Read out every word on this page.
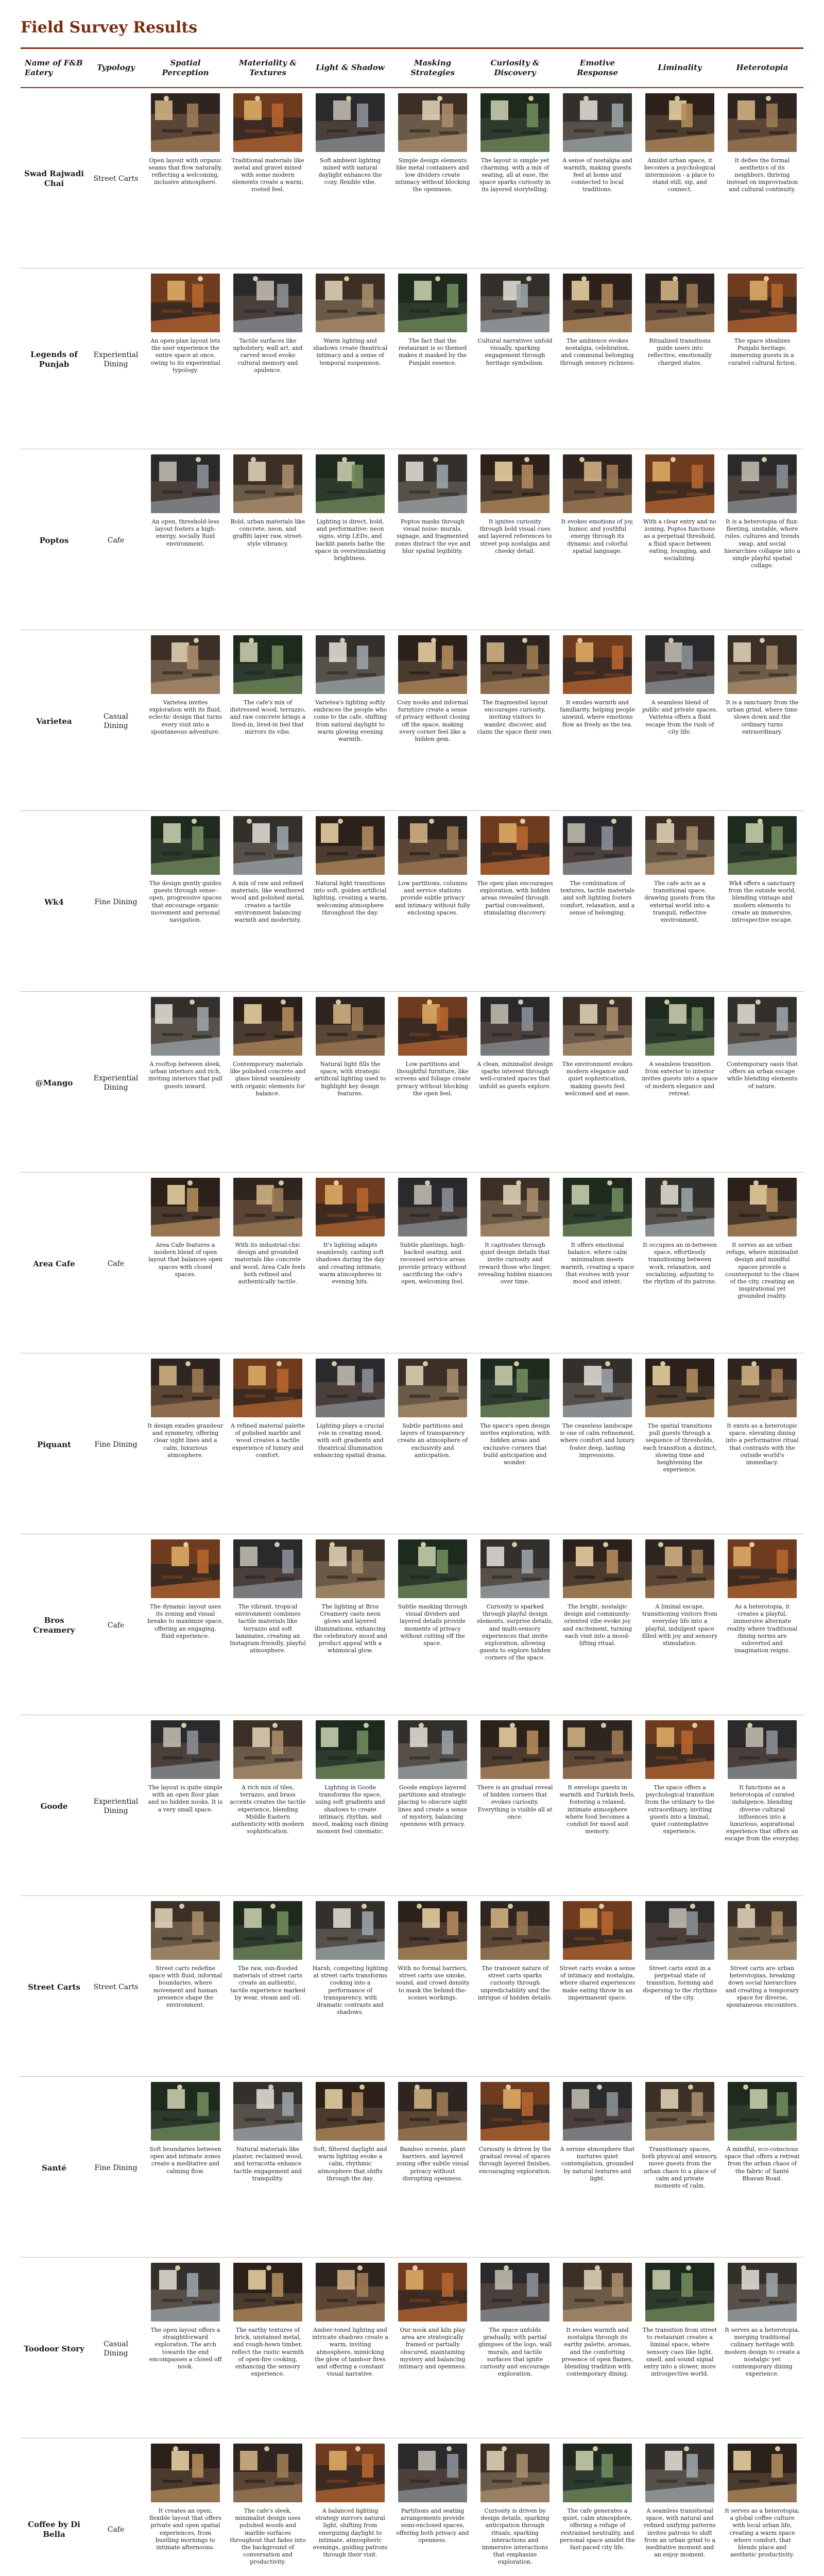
Field Survey Results
Name of F&B Eatery	Typology	Spatial Perception	Materiality & Textures	Light & Shadow	Masking Strategies	Curiosity & Discovery	Emotive Response	Liminality	Heterotopia
Swad Rajwadi Chai	Street Carts	Open layout with organic seams that flow naturally, reflecting a welcoming, inclusive atmosphere.	Traditional materials like metal and gravel mixed with some modern elements create a warm, rooted feel.	Soft ambient lighting mixed with natural daylight enhances the cozy, flexible vibe.	Simple design elements like metal containers and low dividers create intimacy without blocking the openness.	The layout is simple yet charming, with a mix of seating, all at ease, the space sparks curiosity in its layered storytelling.	A sense of nostalgia and warmth, making guests feel at home and connected to local traditions.	Amidst urban space, it becomes a psychological intermission - a place to stand still, sip, and connect.	It defies the formal aesthetics of its neighbors, thriving instead on improvisation and cultural continuity.

Legends of Punjab	Experiential Dining	An open-plan layout lets the user experience the entire space at once, owing to its experiential typology.	Tactile surfaces like upholstery, wall art, and carved wood evoke cultural memory and opulence.	Warm lighting and shadows create theatrical intimacy and a sense of temporal suspension.	The fact that the restaurant is so themed makes it masked by the Punjabi essence.	Cultural narratives unfold visually, sparking engagement through heritage symbolism.	The ambience evokes nostalgia, celebration, and communal belonging through sensory richness.	Ritualized transitions guide users into reflective, emotionally charged states.	The space idealizes Punjabi heritage, immersing guests in a curated cultural fiction.

Poptos	Cafe	An open, threshold-less layout fosters a high-energy, socially fluid environment.	Bold, urban materials like concrete, neon, and graffiti layer raw, street-style vibrancy.	Lighting is direct, bold, and performative: neon signs, strip LEDs, and backlit panels bathe the space in overstimulating brightness.	Poptos masks through visual noise: murals, signage, and fragmented zones distract the eye and blur spatial legibility.	It ignites curiosity through bold visual cues and layered references to street pop nostalgia and cheeky detail.	It evokes emotions of joy, humor, and youthful energy through its dynamic and colorful spatial language.	With a clear entry and no zoning, Poptos functions as a perpetual threshold, a fluid space between eating, lounging, and socializing.	It is a heterotopia of flux: fleeting, unstable, where rules, cultures and trends swap, and social hierarchies collapse into a single playful spatial collage.

Varietea	Casual Dining	Varietea invites exploration with its fluid, eclectic design that turns every visit into a spontaneous adventure.	The cafe's mix of distressed wood, terrazzo, and raw concrete brings a lived-in, lived-in feel that mirrors its vibe.	Varietea's lighting softly embraces the people who come to the cafe, shifting from natural daylight to warm glowing evening warmth.	Cozy nooks and informal furniture create a sense of privacy without closing off the space, making every corner feel like a hidden gem.	The fragmented layout encourages curiosity, inviting visitors to wander, discover, and claim the space their own.	It exudes warmth and familiarity, helping people unwind, where emotions flow as freely as the tea.	A seamless blend of public and private spaces, Varietea offers a fluid escape from the rush of city life.	It is a sanctuary from the urban grind, where time slows down and the ordinary turns extraordinary.

Wk4	Fine Dining	The design gently guides guests through sense-open, progressive spaces that encourage organic movement and personal navigation.	A mix of raw and refined materials, like weathered wood and polished metal, creates a tactile environment balancing warmth and modernity.	Natural light transitions into soft, golden artificial lighting, creating a warm, welcoming atmosphere throughout the day.	Low partitions, columns and service stations provide subtle privacy and intimacy without fully enclosing spaces.	The open plan encourages exploration, with hidden areas revealed through partial concealment, stimulating discovery.	The combination of textures, tactile materials and soft lighting fosters comfort, relaxation, and a sense of belonging.	The cafe acts as a transitional space, drawing guests from the external world into a tranquil, reflective environment.	Wk4 offers a sanctuary from the outside world, blending vintage and modern elements to create an immersive, introspective escape.

@Mango	Experiential Dining	A rooftop between sleek, urban interiors and rich, inviting interiors that pull guests inward.	Contemporary materials like polished concrete and glass blend seamlessly with organic elements for balance.	Natural light fills the space, with strategic artificial lighting used to highlight key design features.	Low partitions and thoughtful furniture, like screens and foliage create privacy without blocking the open feel.	A clean, minimalist design sparks interest through well-curated spaces that unfold as guests explore.	The environment evokes modern elegance and quiet sophistication, making guests feel welcomed and at ease.	A seamless transition from exterior to interior invites guests into a space of modern elegance and retreat.	Contemporary oasis that offers an urban escape while blending elements of nature.

Area Cafe	Cafe	Area Cafe features a modern blend of open layout that balances open spaces with closed spaces.	With its industrial-chic design and grounded materials like concrete and wood, Area Cafe feels both refined and authentically tactile.	It's lighting adapts seamlessly, casting soft shadows during the day and creating intimate, warm atmospheres in evening hits.	Subtle plantings, high-backed seating, and recessed service areas provide privacy without sacrificing the cafe's open, welcoming feel.	It captivates through quiet design details that invite curiosity and reward those who linger, revealing hidden nuances over time.	It offers emotional balance, where calm minimalism meets warmth, creating a space that evolves with your mood and intent.	It occupies an in-between space, effortlessly transitioning between work, relaxation, and socializing, adjusting to the rhythm of its patrons.	It serves as an urban refuge, where minimalist design and mindful spaces provide a counterpoint to the chaos of the city, creating an inspirational yet grounded reality.

Piquant	Fine Dining	It design exudes grandeur and symmetry, offering clear sight lines and a calm, luxurious atmosphere.	A refined material palette of polished marble and wood creates a tactile experience of luxury and comfort.	Lighting plays a crucial role in creating mood, with soft gradients and theatrical illumination enhancing spatial drama.	Subtle partitions and layers of transparency create an atmosphere of exclusivity and anticipation.	The space's open design invites exploration, with hidden areas and exclusive corners that build anticipation and wonder.	The ceaseless landscape is one of calm refinement, where comfort and luxury foster deep, lasting impressions.	The spatial transitions pull guests through a sequence of thresholds, each transition a distinct, slowing time and heightening the experience.	It exists as a heterotopic space, elevating dining into a performative ritual that contrasts with the outside world's immediacy.

Bros Creamery	Cafe	The dynamic layout uses its zoning and visual breaks to maximize space, offering an engaging, fluid experience.	The vibrant, tropical environment combines tactile materials like terrazzo and soft laminates, creating an Instagram-friendly, playful atmosphere.	The lighting at Bros Creamery casts neon glows and layered illuminations, enhancing the celebratory mood and product appeal with a whimsical glow.	Subtle masking through visual dividers and layered details provide moments of privacy without cutting off the space.	Curiosity is sparked through playful design elements, surprise details, and multi-sensory experiences that invite exploration, allowing guests to explore hidden corners of the space.	The bright, nostalgic design and community-oriented vibe evoke joy and excitement, turning each visit into a mood-lifting ritual.	A liminal escape, transitioning visitors from everyday life into a playful, indulgent space filled with joy and sensory stimulation.	As a heterotopia, it creates a playful, immersive alternate reality where traditional dining norms are subverted and imagination reigns.

Goode	Experiential Dining	The layout is quite simple with an open floor plan and no hidden nooks. It is a very small space.	A rich mix of tiles, terrazzo, and brass accents creates the tactile experience, blending Middle Eastern authenticity with modern sophistication.	Lighting in Goode transforms the space, using soft gradients and shadows to create intimacy, rhythm, and mood, making each dining moment feel cinematic.	Goode employs layered partitions and strategic placing to obscure sight lines and create a sense of mystery, balancing openness with privacy.	There is an gradual reveal of hidden corners that evokes curiosity. Everything is visible all at once.	It envelops guests in warmth and Turkish feels, fostering a relaxed, intimate atmosphere where food becomes a conduit for mood and memory.	The space offers a psychological transition from the ordinary to the extraordinary, inviting guests into a liminal, quiet contemplative experience.	It functions as a heterotopia of curated indulgence, blending diverse cultural influences into a luxurious, aspirational experience that offers an escape from the everyday.

Street Carts	Street Carts	Street carts redefine space with fluid, informal boundaries, where movement and human presence shape the environment.	The raw, sun-flooded materials of street carts create an authentic, tactile experience marked by wear, steam and oil.	Harsh, competing lighting at street carts transforms cooking into a performance of transparency, with dramatic contrasts and shadows.	With no formal barriers, street carts use smoke, sound, and crowd density to mask the behind-the-scenes workings.	The transient nature of street carts sparks curiosity through unpredictability and the intrigue of hidden details.	Street carts evoke a sense of intimacy and nostalgia, where shared experiences make eating throw in an impermanent space.	Street carts exist in a perpetual state of transition, forming and dispersing to the rhythms of the city.	Street carts are urban heterotopias, breaking down social hierarchies and creating a temporary space for diverse, spontaneous encounters.

Santé	Fine Dining	Soft boundaries between open and intimate zones create a meditative and calming flow.	Natural materials like plaster, reclaimed wood, and terracotta enhance tactile engagement and tranquility.	Soft, filtered daylight and warm lighting evoke a calm, rhythmic atmosphere that shifts through the day.	Bamboo screens, plant barriers, and layered zoning offer subtle visual privacy without disrupting openness.	Curiosity is driven by the gradual reveal of spaces through layered finishes, encouraging exploration.	A serene atmosphere that nurtures quiet contemplation, grounded by natural textures and light.	Transitionary spaces, both physical and sensory, move guests from the urban chaos to a place of calm and private moments of calm.	A mindful, eco-conscious space that offers a retreat from the urban chaos of the fabric of Santé Bhavan Road.

Toodoor Story	Casual Dining	The open layout offers a straightforward exploration. The arch towards the end encompasses a closed off nook.	The earthy textures of brick, unstained metal, and rough-hewn timber, reflect the rustic warmth of open-fire cooking, enhancing the sensory experience.	Amber-toned lighting and intricate shadows create a warm, inviting atmosphere, mimicking the glow of tandoor fires and offering a constant visual narrative.	Our nook and kiln play area are strategically framed or partially obscured, maintaining mystery and balancing intimacy and openness.	The space unfolds gradually, with partial glimpses of the logo, wall murals, and tactile surfaces that ignite curiosity and encourage exploration.	It evokes warmth and nostalgia through its earthy palette, aromas, and the comforting presence of open flames, blending tradition with contemporary dining.	The transition from street to restaurant creates a liminal space, where sensory cues like light, smell, and sound signal entry into a slower, more introspective world.	It serves as a heterotopia, merging traditional culinary heritage with modern design to create a nostalgic yet contemporary dining experience.

Coffee by Di Bella	Cafe	It creates an open, flexible layout that offers private and open spatial experiences, from bustling mornings to intimate afternoons.	The cafe's sleek, minimalist design uses polished woods and marble surfaces throughout that fades into the background of conversation and productivity.	A balanced lighting strategy mirrors natural light, shifting from energizing daylight to intimate, atmospheric evenings, guiding patrons through their visit.	Partitions and seating arrangements provide semi-enclosed spaces, offering both privacy and openness.	Curiosity is driven by design details, sparking anticipation through rituals, sparking interactions and immersive interactions that emphasize exploration.	The cafe generates a quiet, calm atmosphere, offering a refuge of restrained neutrality, and personal space amidst the fast-paced city life.	A seamless transitional space, with natural and refined unifying patterns invites patrons to shift from an urban grind to a meditative moment and an enjoy moment.	It serves as a heterotopia, a global coffee culture with local urban life, creating a warm space where comfort, that blends place and aesthetic productivity.
